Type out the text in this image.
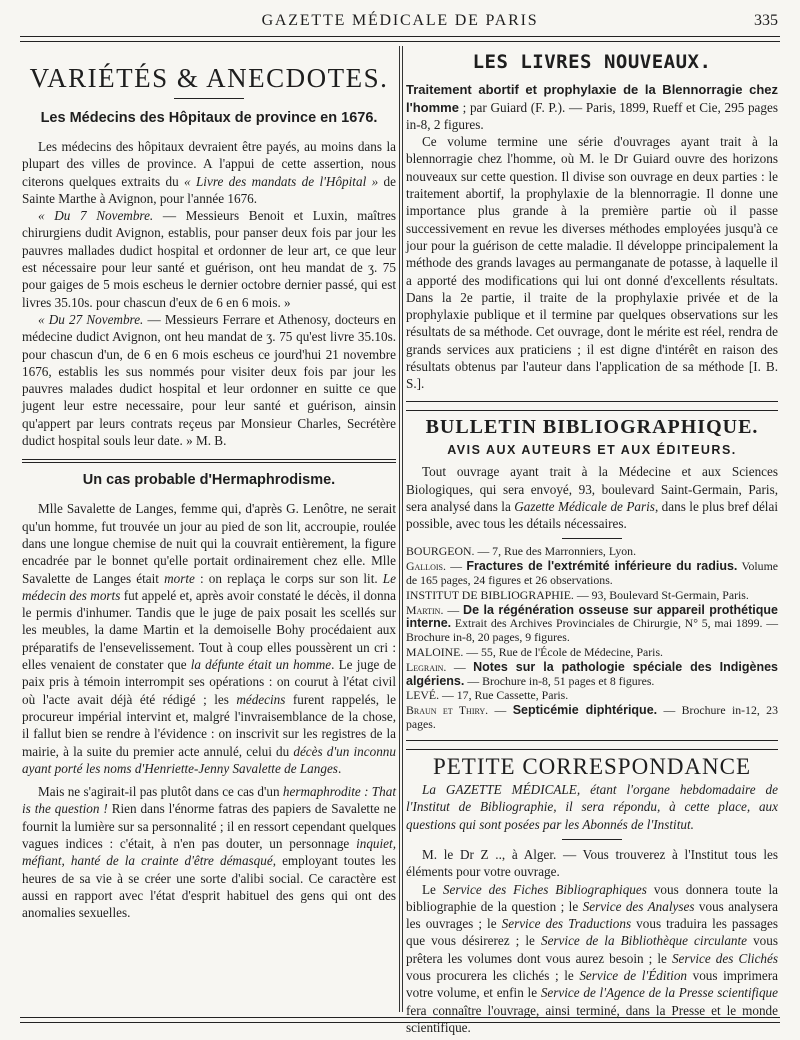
GAZETTE MÉDICALE DE PARIS	335
VARIÉTÉS & ANECDOTES.
Les Médecins des Hôpitaux de province en 1676.

Les médecins des hôpitaux devraient être payés, au moins dans la plupart des villes de province. A l'appui de cette assertion, nous citerons quelques extraits du « Livre des mandats de l'Hôpital » de Sainte Marthe à Avignon, pour l'année 1676.

« Du 7 Novembre. — Messieurs Benoit et Luxin, maîtres chirurgiens dudit Avignon, establis, pour panser deux fois par jour les pauvres mallades dudict hospital et ordonner de leur art, ce que leur est nécessaire pour leur santé et guérison, ont heu mandat de ʒ. 75 pour gaiges de 5 mois escheus le dernier octobre dernier passé, qui est livres 35.10s. pour chascun d'eux de 6 en 6 mois. »

« Du 27 Novembre. — Messieurs Ferrare et Athenosy, docteurs en médecine dudict Avignon, ont heu mandat de ʒ. 75 qu'est livre 35.10s. pour chascun d'un, de 6 en 6 mois escheus ce jourd'hui 21 novembre 1676, establis les sus nommés pour visiter deux fois par jour les pauvres malades dudict hospital et leur ordonner en suitte ce que jugent leur estre necessaire, pour leur santé et guérison, ainsin qu'appert par leurs contrats reçeus par Monsieur Charles, Secrétère dudict hospital souls leur date. » M. B.

Un cas probable d'Hermaphrodisme.

Mlle Savalette de Langes, femme qui, d'après G. Lenôtre, ne serait qu'un homme, fut trouvée un jour au pied de son lit, accroupie, roulée dans une longue chemise de nuit qui la couvrait entièrement, la figure encadrée par le bonnet qu'elle portait ordinairement chez elle. Mlle Savalette de Langes était morte : on replaça le corps sur son lit. Le médecin des morts fut appelé et, après avoir constaté le décès, il donna le permis d'inhumer. Tandis que le juge de paix posait les scellés sur les meubles, la dame Martin et la demoiselle Bohy procédaient aux préparatifs de l'ensevelissement. Tout à coup elles poussèrent un cri : elles venaient de constater que la défunte était un homme. Le juge de paix pris à témoin interrompit ses opérations : on courut à l'état civil où l'acte avait déjà été rédigé ; les médecins furent rappelés, le procureur impérial intervint et, malgré l'invraisemblance de la chose, il fallut bien se rendre à l'évidence : on inscrivit sur les registres de la mairie, à la suite du premier acte annulé, celui du décès d'un inconnu ayant porté les noms d'Henriette-Jenny Savalette de Langes.

Mais ne s'agirait-il pas plutôt dans ce cas d'un hermaphrodite : That is the question ! Rien dans l'énorme fatras des papiers de Savalette ne fournit la lumière sur sa personnalité ; il en ressort cependant quelques vagues indices : c'était, à n'en pas douter, un personnage inquiet, méfiant, hanté de la crainte d'être démasqué, employant toutes les heures de sa vie à se créer une sorte d'alibi social. Ce caractère est aussi en rapport avec l'état d'esprit habituel des gens qui ont des anomalies sexuelles.

LES LIVRES NOUVEAUX.

Traitement abortif et prophylaxie de la Blennorragie chez l'homme ; par Guiard (F. P.). — Paris, 1899, Rueff et Cie, 295 pages in-8, 2 figures.

Ce volume termine une série d'ouvrages ayant trait à la blennorragie chez l'homme, où M. le Dr Guiard ouvre des horizons nouveaux sur cette question. Il divise son ouvrage en deux parties : le traitement abortif, la prophylaxie de la blennorragie. Il donne une importance plus grande à la première partie où il passe successivement en revue les diverses méthodes employées jusqu'à ce jour pour la guérison de cette maladie. Il développe principalement la méthode des grands lavages au permanganate de potasse, à laquelle il a apporté des modifications qui lui ont donné d'excellents résultats. Dans la 2e partie, il traite de la prophylaxie privée et de la prophylaxie publique et il termine par quelques observations sur les résultats de sa méthode. Cet ouvrage, dont le mérite est réel, rendra de grands services aux praticiens ; il est digne d'intérêt en raison des résultats obtenus par l'auteur dans l'application de sa méthode [I. B. S.].

BULLETIN BIBLIOGRAPHIQUE.
AVIS AUX AUTEURS ET AUX ÉDITEURS.

Tout ouvrage ayant trait à la Médecine et aux Sciences Biologiques, qui sera envoyé, 93, boulevard Saint-Germain, Paris, sera analysé dans la Gazette Médicale de Paris, dans le plus bref délai possible, avec tous les détails nécessaires.

BOURGEON. — 7, Rue des Marronniers, Lyon.
Gallois. — Fractures de l'extrémité inférieure du radius. Volume de 165 pages, 24 figures et 26 observations.
INSTITUT DE BIBLIOGRAPHIE. — 93, Boulevard St-Germain, Paris.
Martin. — De la régénération osseuse sur appareil prothétique interne. Extrait des Archives Provinciales de Chirurgie, N° 5, mai 1899. — Brochure in-8, 20 pages, 9 figures.
MALOINE. — 55, Rue de l'École de Médecine, Paris.
Legrain. — Notes sur la pathologie spéciale des Indigènes algériens. — Brochure in-8, 51 pages et 8 figures.
LEVÉ. — 17, Rue Cassette, Paris.
Braun et Thiry. — Septicémie diphtérique. — Brochure in-12, 23 pages.
PETITE CORRESPONDANCE

La GAZETTE MÉDICALE, étant l'organe hebdomadaire de l'Institut de Bibliographie, il sera répondu, à cette place, aux questions qui sont posées par les Abonnés de l'Institut.

M. le Dr Z .., à Alger. — Vous trouverez à l'Institut tous les éléments pour votre ouvrage.

Le Service des Fiches Bibliographiques vous donnera toute la bibliographie de la question ; le Service des Analyses vous analysera les ouvrages ; le Service des Traductions vous traduira les passages que vous désirerez ; le Service de la Bibliothèque circulante vous prêtera les volumes dont vous aurez besoin ; le Service des Clichés vous procurera les clichés ; le Service de l'Édition vous imprimera votre volume, et enfin le Service de l'Agence de la Presse scientifique fera connaître l'ouvrage, ainsi terminé, dans la Presse et le monde scientifique.
